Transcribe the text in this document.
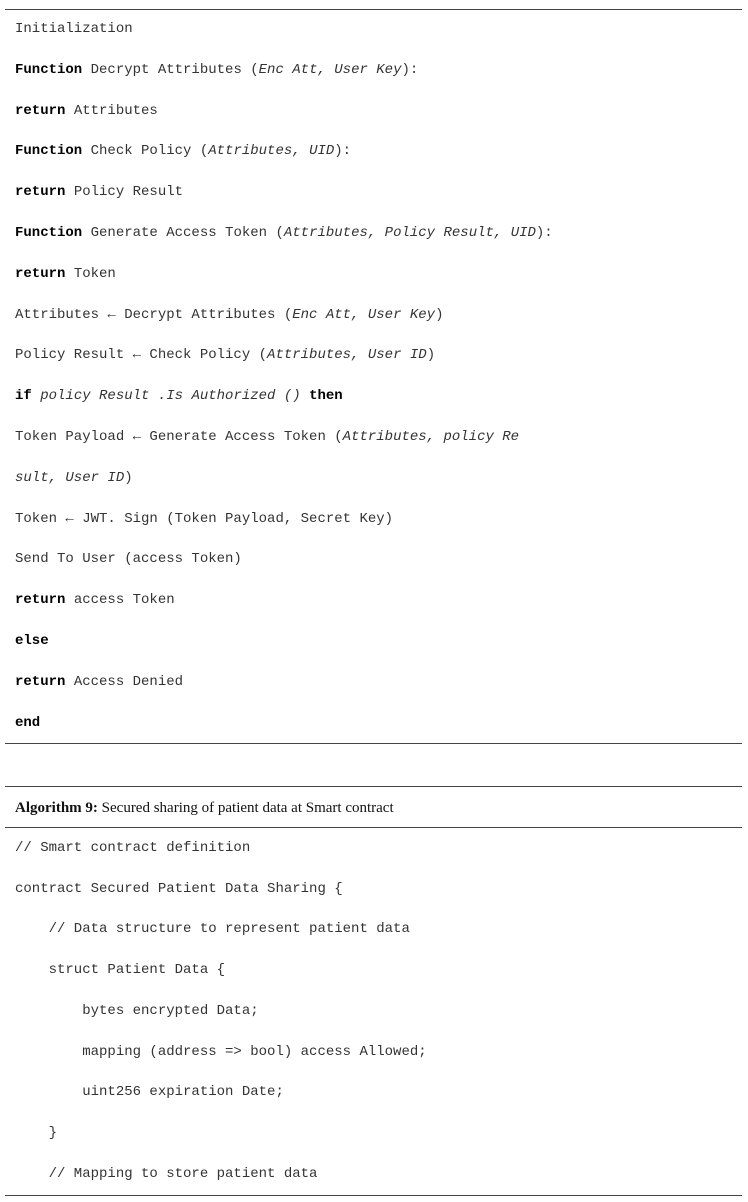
Initialization
Function Decrypt Attributes (Enc Att, User Key):
return Attributes
Function Check Policy (Attributes, UID):
return Policy Result
Function Generate Access Token (Attributes, Policy Result, UID):
return Token
Attributes ← Decrypt Attributes (Enc Att, User Key)
Policy Result ← Check Policy (Attributes, User ID)
if policy Result .Is Authorized () then
Token Payload ← Generate Access Token (Attributes, policy Re
sult, User ID)
Token ← JWT. Sign (Token Payload, Secret Key)
Send To User (access Token)
return access Token
else
return Access Denied
end
Algorithm 9: Secured sharing of patient data at Smart contract
// Smart contract definition
contract Secured Patient Data Sharing {
// Data structure to represent patient data
struct Patient Data {
bytes encrypted Data;
mapping (address => bool) access Allowed;
uint256 expiration Date;
}
// Mapping to store patient data
